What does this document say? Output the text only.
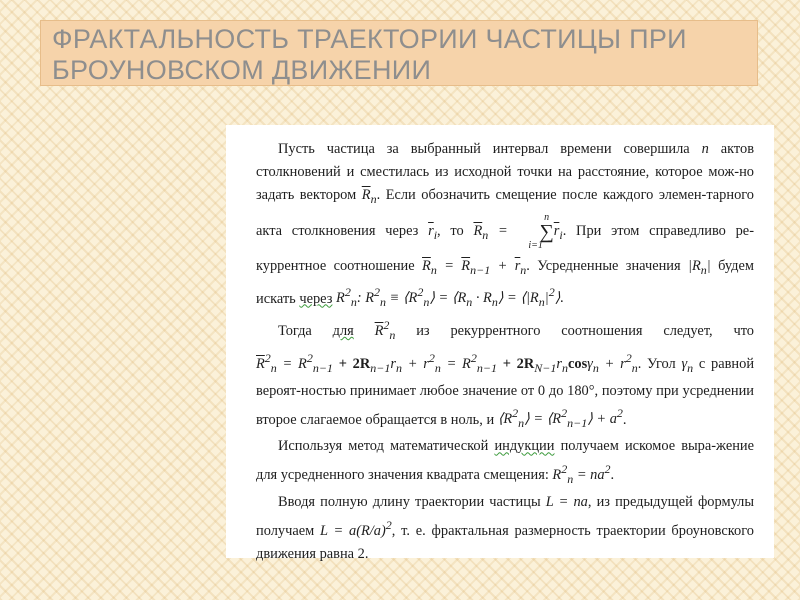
ФРАКТАЛЬНОСТЬ ТРАЕКТОРИИ ЧАСТИЦЫ ПРИ
БРОУНОВСКОМ ДВИЖЕНИИ

Пусть частица за выбранный интервал времени совершила n актов столкновений и сместилась из исходной точки на расстояние, которое мож-но задать вектором $\overline{R}_n$. Если обозначить смещение после каждого элемен-тарного акта столкновения через $\overline{r}_i$, то $\overline{R}_n = n$
∑
$i=1\overline{r}_i$. При этом справедливо ре-куррентное соотношение $\overline{R}_n = \overline{R}_{n-1} + \overline{r}_n$. Усредненные значения $|R_n|$ будем искать через $R^2_n$: $R^2_n$ ≡ $⟨R^2_n⟩$ = $⟨R_n$ · $R_n⟩$ = $⟨|R_n|^2⟩$.

Тогда для $\overline{R}^2_n$ из рекуррентного соотношения следует, что $\overline{R}^2_n = R^2_{n-1} + 2R_{n-1}r_n + r^2_n = R^2_{n-1} + 2R_{N-1}r_n\cos\gamma_n + r^2_n$. Угол $\gamma_n$ с равной вероят-ностью принимает любое значение от 0 до 180°, поэтому при усреднении второе слагаемое обращается в ноль, и $⟨R^2_n⟩$ = $⟨R^2_{n-1}⟩ + a^2$.

Используя метод математической индукции получаем искомое выра-жение для усредненного значения квадрата смещения: $R^2_n = na^2$.

Вводя полную длину траектории частицы L = na, из предыдущей формулы получаем $L = a(R/a)^2$, т. е. фрактальная размерность траектории броуновского движения равна 2.
